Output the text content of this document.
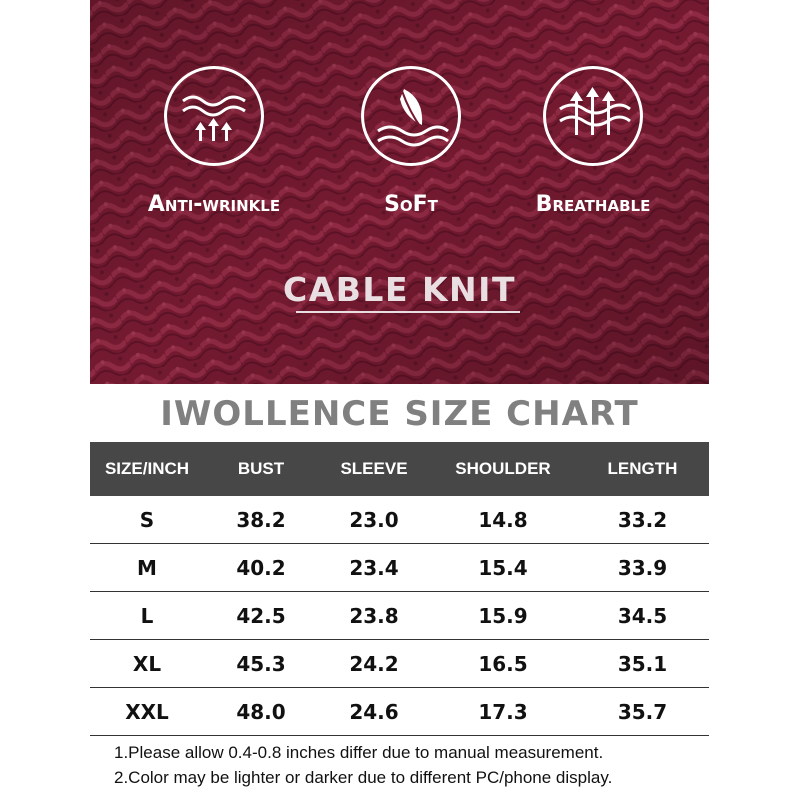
Anti-wrinkle	SoFt	Breathable
CABLE KNIT
IWOLLENCE SIZE CHART
SIZE/INCH	BUST	SLEEVE	SHOULDER	LENGTH
S	38.2	23.0	14.8	33.2
M	40.2	23.4	15.4	33.9
L	42.5	23.8	15.9	34.5
XL	45.3	24.2	16.5	35.1
XXL	48.0	24.6	17.3	35.7
1.Please allow 0.4-0.8 inches differ due to manual measurement.
2.Color may be lighter or darker due to different PC/phone display.
